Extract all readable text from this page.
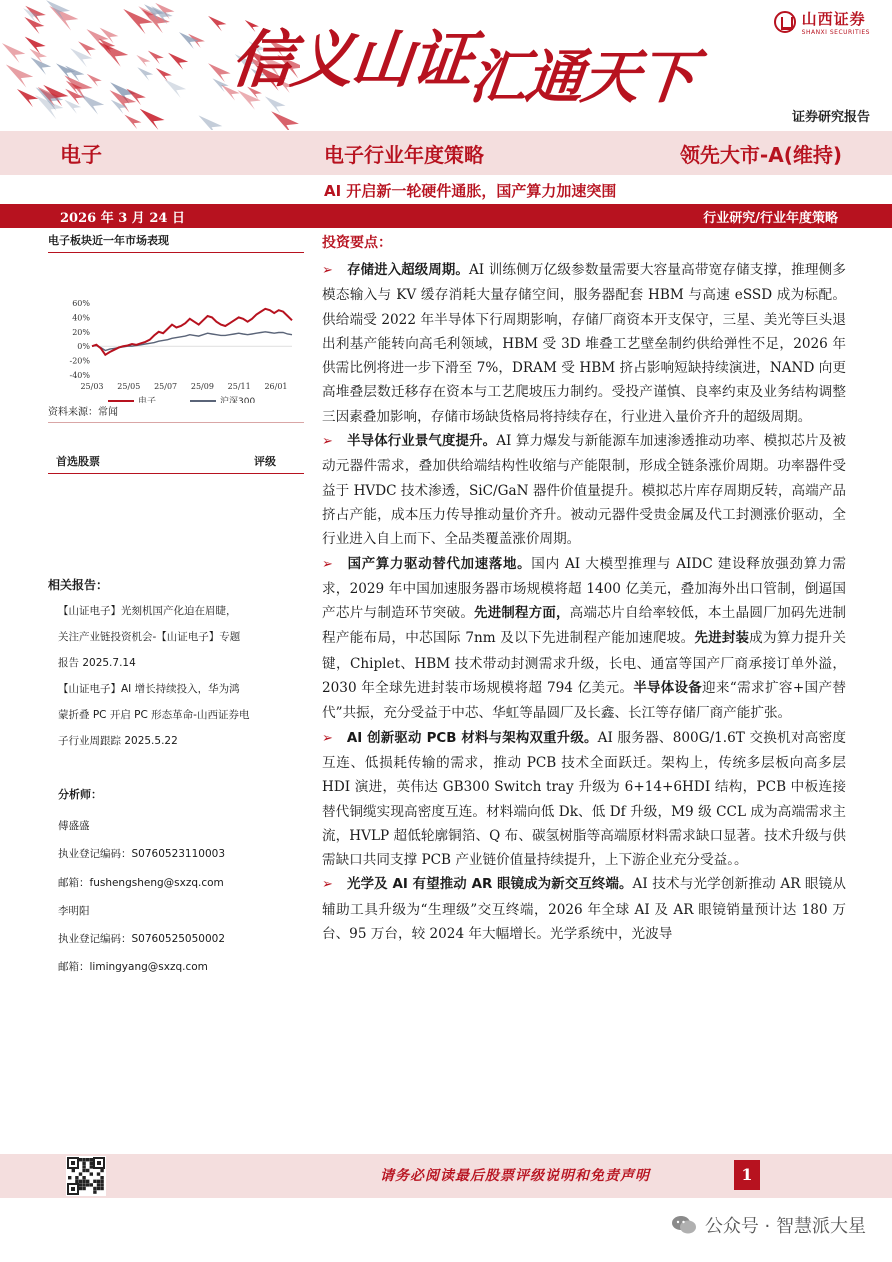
信义山证汇通天下
山西证券
SHANXI SECURITIES
证券研究报告
电子	电子行业年度策略	领先大市-A(维持)
AI 开启新一轮硬件通胀，国产算力加速突围
2026 年 3 月 24 日	行业研究/行业年度策略
电子板块近一年市场表现
60%
40%
20%
0%
-20%
-40%
25/03 25/05 25/07 25/09 25/11 26/01
电子	沪深300
资料来源：常闻
首选股票	评级
相关报告：
【山证电子】光刻机国产化迫在眉睫，
关注产业链投资机会-【山证电子】专题
报告 2025.7.14
【山证电子】AI 增长持续投入，华为鸿
蒙折叠 PC 开启 PC 形态革命-山西证券电
子行业周跟踪 2025.5.22
分析师：
傅盛盛
执业登记编码：S0760523110003
邮箱：fushengsheng@sxzq.com
李明阳
执业登记编码：S0760525050002
邮箱：limingyang@sxzq.com
投资要点：

➢ 存储进入超级周期。AI 训练侧万亿级参数量需要大容量高带宽存储支撑，推理侧多模态输入与 KV 缓存消耗大量存储空间，服务器配套 HBM 与高速 eSSD 成为标配。供给端受 2022 年半导体下行周期影响，存储厂商资本开支保守，三星、美光等巨头退出利基产能转向高毛利领域，HBM 受 3D 堆叠工艺壁垒制约供给弹性不足，2026 年供需比例将进一步下滑至 7%，DRAM 受 HBM 挤占影响短缺持续演进，NAND 向更高堆叠层数迁移存在资本与工艺爬坡压力制约。受投产谨慎、良率约束及业务结构调整三因素叠加影响，存储市场缺货格局将持续存在，行业进入量价齐升的超级周期。

➢ 半导体行业景气度提升。AI 算力爆发与新能源车加速渗透推动功率、模拟芯片及被动元器件需求，叠加供给端结构性收缩与产能限制，形成全链条涨价周期。功率器件受益于 HVDC 技术渗透，SiC/GaN 器件价值量提升。模拟芯片库存周期反转，高端产品挤占产能，成本压力传导推动量价齐升。被动元器件受贵金属及代工封测涨价驱动，全行业进入自上而下、全品类覆盖涨价周期。

➢ 国产算力驱动替代加速落地。国内 AI 大模型推理与 AIDC 建设释放强劲算力需求，2029 年中国加速服务器市场规模将超 1400 亿美元，叠加海外出口管制，倒逼国产芯片与制造环节突破。先进制程方面，高端芯片自给率较低，本土晶圆厂加码先进制程产能布局，中芯国际 7nm 及以下先进制程产能加速爬坡。先进封装成为算力提升关键，Chiplet、HBM 技术带动封测需求升级，长电、通富等国产厂商承接订单外溢，2030 年全球先进封装市场规模将超 794 亿美元。半导体设备迎来“需求扩容+国产替代”共振，充分受益于中芯、华虹等晶圆厂及长鑫、长江等存储厂商产能扩张。

➢ AI 创新驱动 PCB 材料与架构双重升级。AI 服务器、800G/1.6T 交换机对高密度互连、低损耗传输的需求，推动 PCB 技术全面跃迁。架构上，传统多层板向高多层 HDI 演进，英伟达 GB300 Switch tray 升级为 6+14+6HDI 结构，PCB 中板连接替代铜缆实现高密度互连。材料端向低 Dk、低 Df 升级，M9 级 CCL 成为高端需求主流，HVLP 超低轮廓铜箔、Q 布、碳氢树脂等高端原材料需求缺口显著。技术升级与供需缺口共同支撑 PCB 产业链价值量持续提升，上下游企业充分受益。。

➢ 光学及 AI 有望推动 AR 眼镜成为新交互终端。AI 技术与光学创新推动 AR 眼镜从辅助工具升级为“生理级”交互终端，2026 年全球 AI 及 AR 眼镜销量预计达 180 万台、95 万台，较 2024 年大幅增长。光学系统中，光波导

请务必阅读最后股票评级说明和免责声明	1
公众号 · 智慧派大星
